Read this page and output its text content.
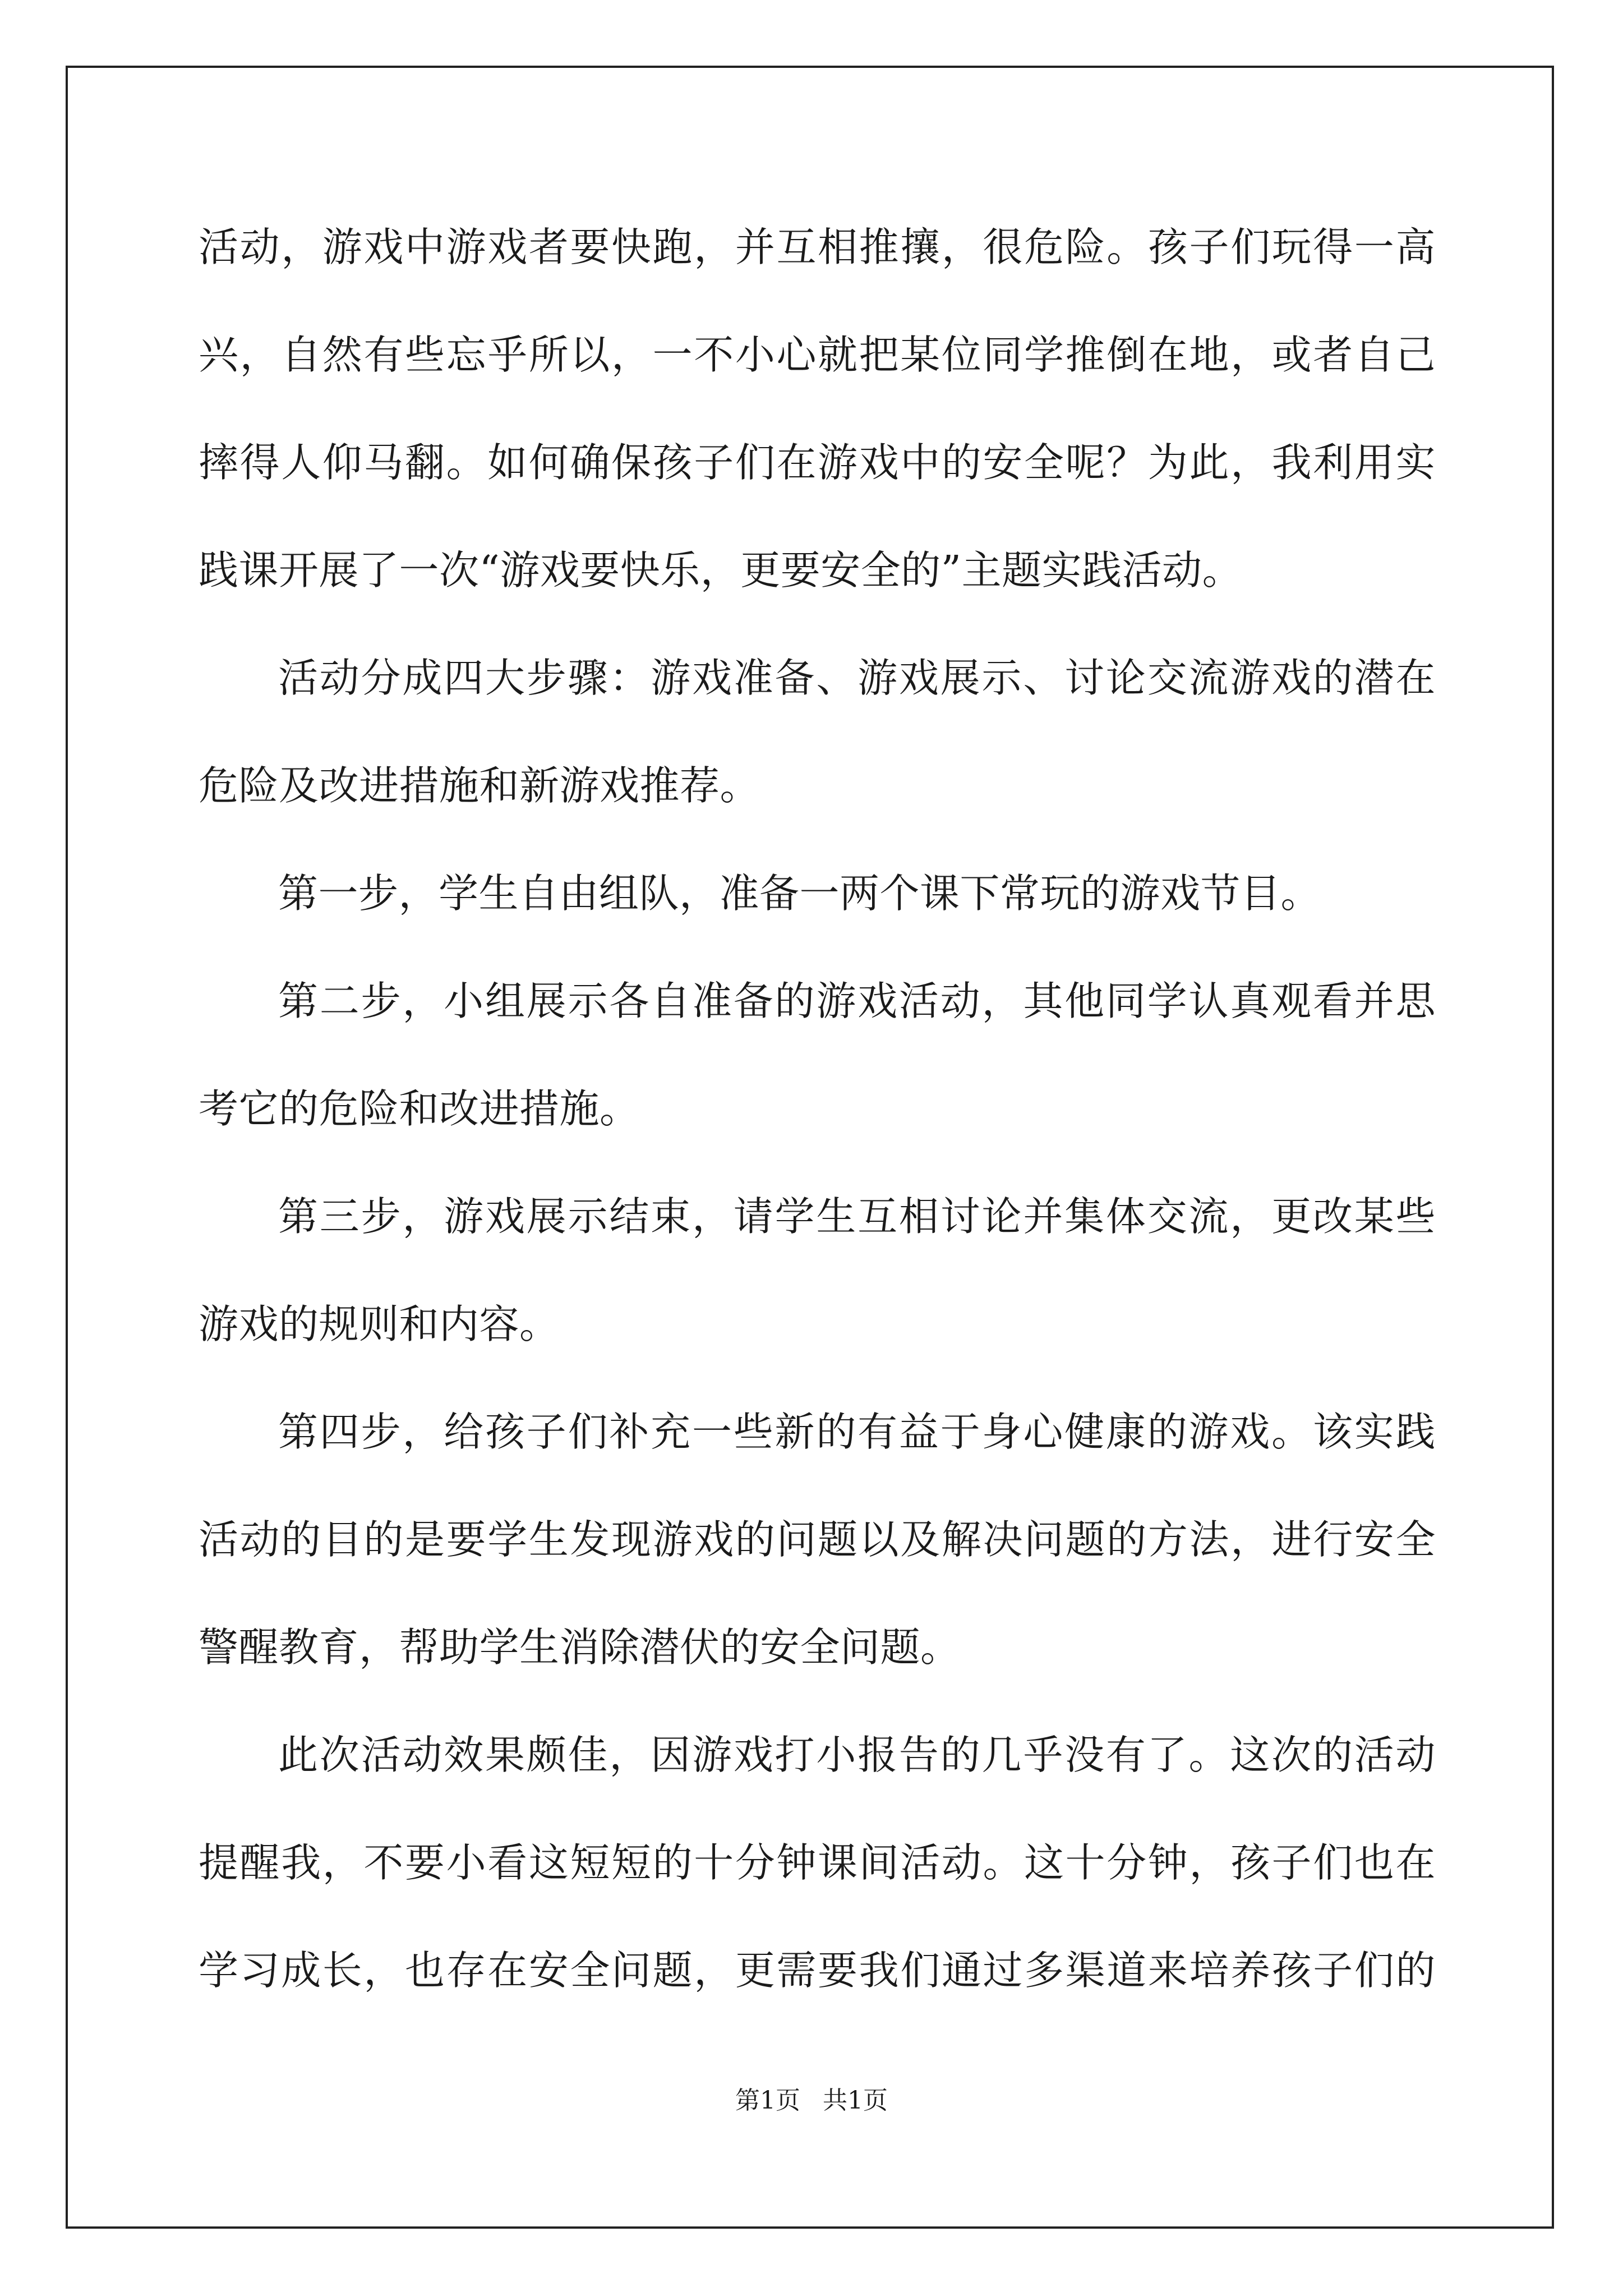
活动，游戏中游戏者要快跑，并互相推攘，很危险。孩子们玩得一高
兴，自然有些忘乎所以，一不小心就把某位同学推倒在地，或者自己
摔得人仰马翻。如何确保孩子们在游戏中的安全呢？为此，我利用实
践课开展了一次“游戏要快乐，更要安全的”主题实践活动。
活动分成四大步骤：游戏准备、游戏展示、讨论交流游戏的潜在
危险及改进措施和新游戏推荐。
第一步，学生自由组队，准备一两个课下常玩的游戏节目。
第二步，小组展示各自准备的游戏活动，其他同学认真观看并思
考它的危险和改进措施。
第三步，游戏展示结束，请学生互相讨论并集体交流，更改某些
游戏的规则和内容。
第四步，给孩子们补充一些新的有益于身心健康的游戏。该实践
活动的目的是要学生发现游戏的问题以及解决问题的方法，进行安全
警醒教育，帮助学生消除潜伏的安全问题。
此次活动效果颇佳，因游戏打小报告的几乎没有了。这次的活动
提醒我，不要小看这短短的十分钟课间活动。这十分钟，孩子们也在
学习成长，也存在安全问题，更需要我们通过多渠道来培养孩子们的
第1页 共1页
